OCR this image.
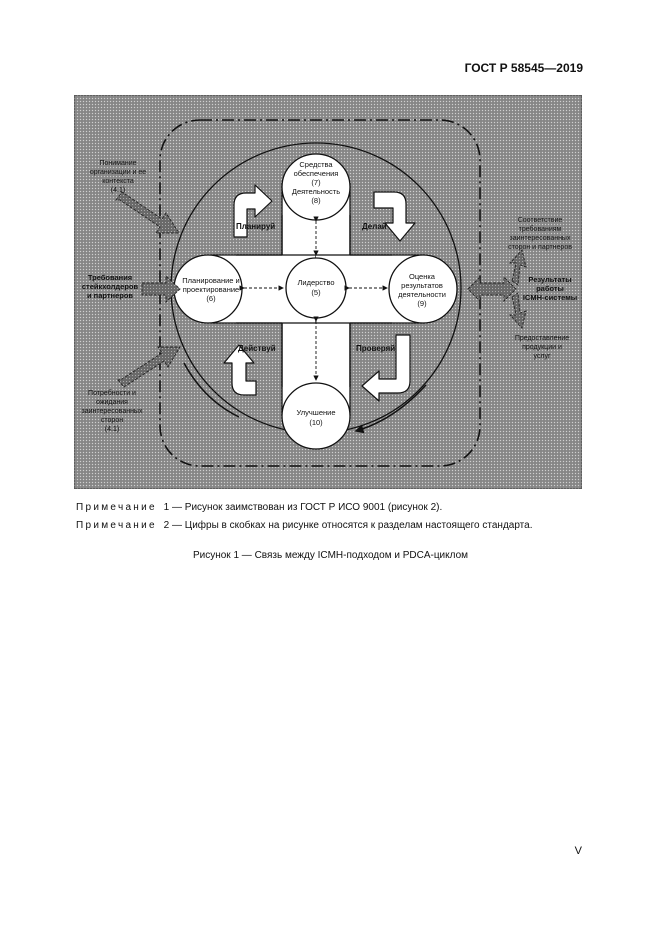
ГОСТ Р 58545—2019
Лидерство
(5)
Средства
обеспечения
(7)
Деятельность
(8)
Планирование и
проектирование
(6)
Оценка
результатов
деятельности
(9)
Улучшение
(10)
Планируй	Делай
Проверяй
Действуй
Понимание
организации и ее
контекста
(4.1)
Потребности и
ожидания
заинтересованных
сторон
(4.1)
Требования
стейкхолдеров
и партнеров
Соответствие
требованиям
заинтересованных
сторон и партнеров
Предоставление
продукции и
услуг
Результаты
работы
ICMH-системы
Примечание 1 — Рисунок заимствован из ГОСТ Р ИСО 9001 (рисунок 2).
Примечание 2 — Цифры в скобках на рисунке относятся к разделам настоящего стандарта.
Рисунок 1 — Связь между ICMH-подходом и PDCA-циклом
V
